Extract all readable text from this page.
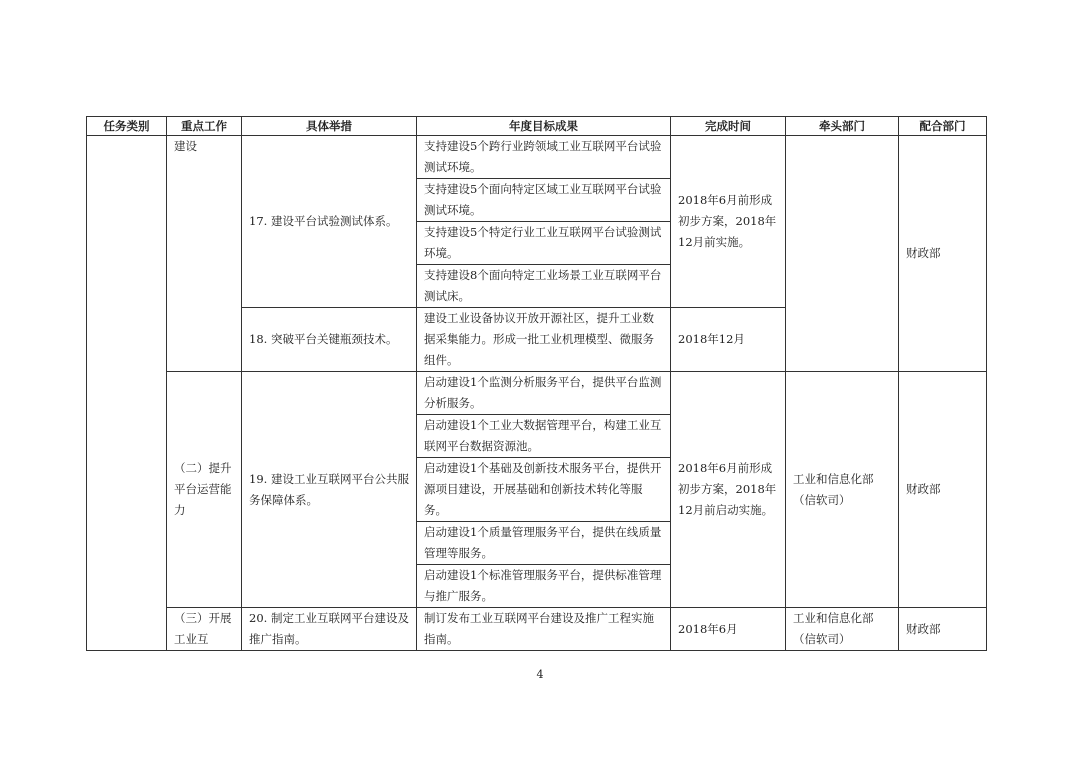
任务类别	重点工作	具体举措	年度目标成果	完成时间	牵头部门	配合部门
	建设	17. 建设平台试验测试体系。	支持建设5个跨行业跨领域工业互联网平台试验测试环境。	2018年6月前形成初步方案，2018年12月前实施。		财政部
			支持建设5个面向特定区域工业互联网平台试验测试环境。			
			支持建设5个特定行业工业互联网平台试验测试环境。			
			支持建设8个面向特定工业场景工业互联网平台测试床。			
		18. 突破平台关键瓶颈技术。	建设工业设备协议开放开源社区，提升工业数据采集能力。形成一批工业机理模型、微服务组件。	2018年12月		
	（二）提升平台运营能力	19. 建设工业互联网平台公共服务保障体系。	启动建设1个监测分析服务平台，提供平台监测分析服务。	2018年6月前形成初步方案，2018年12月前启动实施。	工业和信息化部（信软司）	财政部
			启动建设1个工业大数据管理平台，构建工业互联网平台数据资源池。			
			启动建设1个基础及创新技术服务平台，提供开源项目建设，开展基础和创新技术转化等服务。			
			启动建设1个质量管理服务平台，提供在线质量管理等服务。			
			启动建设1个标准管理服务平台，提供标准管理与推广服务。			
	（三）开展工业互	20. 制定工业互联网平台建设及推广指南。	制订发布工业互联网平台建设及推广工程实施指南。	2018年6月	工业和信息化部（信软司）	财政部
4
